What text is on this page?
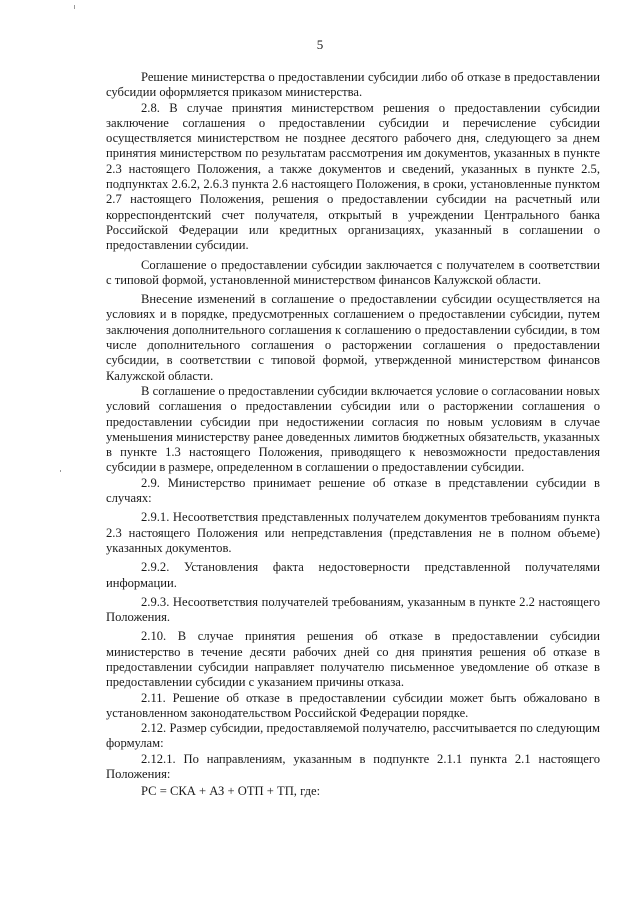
5

Решение министерства о предоставлении субсидии либо об отказе в предоставлении субсидии оформляется приказом министерства.

2.8. В случае принятия министерством решения о предоставлении субсидии заключение соглашения о предоставлении субсидии и перечисление субсидии осуществляется министерством не позднее десятого рабочего дня, следующего за днем принятия министерством по результатам рассмотрения им документов, указанных в пункте 2.3 настоящего Положения, а также документов и сведений, указанных в пункте 2.5, подпунктах 2.6.2, 2.6.3 пункта 2.6 настоящего Положения, в сроки, установленные пунктом 2.7 настоящего Положения, решения о предоставлении субсидии на расчетный или корреспондентский счет получателя, открытый в учреждении Центрального банка Российской Федерации или кредитных организациях, указанный в соглашении о предоставлении субсидии.

Соглашение о предоставлении субсидии заключается с получателем в соответствии с типовой формой, установленной министерством финансов Калужской области.

Внесение изменений в соглашение о предоставлении субсидии осуществляется на условиях и в порядке, предусмотренных соглашением о предоставлении субсидии, путем заключения дополнительного соглашения к соглашению о предоставлении субсидии, в том числе дополнительного соглашения о расторжении соглашения о предоставлении субсидии, в соответствии с типовой формой, утвержденной министерством финансов Калужской области.

В соглашение о предоставлении субсидии включается условие о согласовании новых условий соглашения о предоставлении субсидии или о расторжении соглашения о предоставлении субсидии при недостижении согласия по новым условиям в случае уменьшения министерству ранее доведенных лимитов бюджетных обязательств, указанных в пункте 1.3 настоящего Положения, приводящего к невозможности предоставления субсидии в размере, определенном в соглашении о предоставлении субсидии.

2.9. Министерство принимает решение об отказе в представлении субсидии в случаях:

2.9.1. Несоответствия представленных получателем документов требованиям пункта 2.3 настоящего Положения или непредставления (представления не в полном объеме) указанных документов.

2.9.2. Установления факта недостоверности представленной получателями информации.

2.9.3. Несоответствия получателей требованиям, указанным в пункте 2.2 настоящего Положения.

2.10. В случае принятия решения об отказе в предоставлении субсидии министерство в течение десяти рабочих дней со дня принятия решения об отказе в предоставлении субсидии направляет получателю письменное уведомление об отказе в предоставлении субсидии с указанием причины отказа.

2.11. Решение об отказе в предоставлении субсидии может быть обжаловано в установленном законодательством Российской Федерации порядке.

2.12. Размер субсидии, предоставляемой получателю, рассчитывается по следующим формулам:

2.12.1. По направлениям, указанным в подпункте 2.1.1 пункта 2.1 настоящего Положения:

РС = СКА + АЗ + ОТП + ТП, где:
